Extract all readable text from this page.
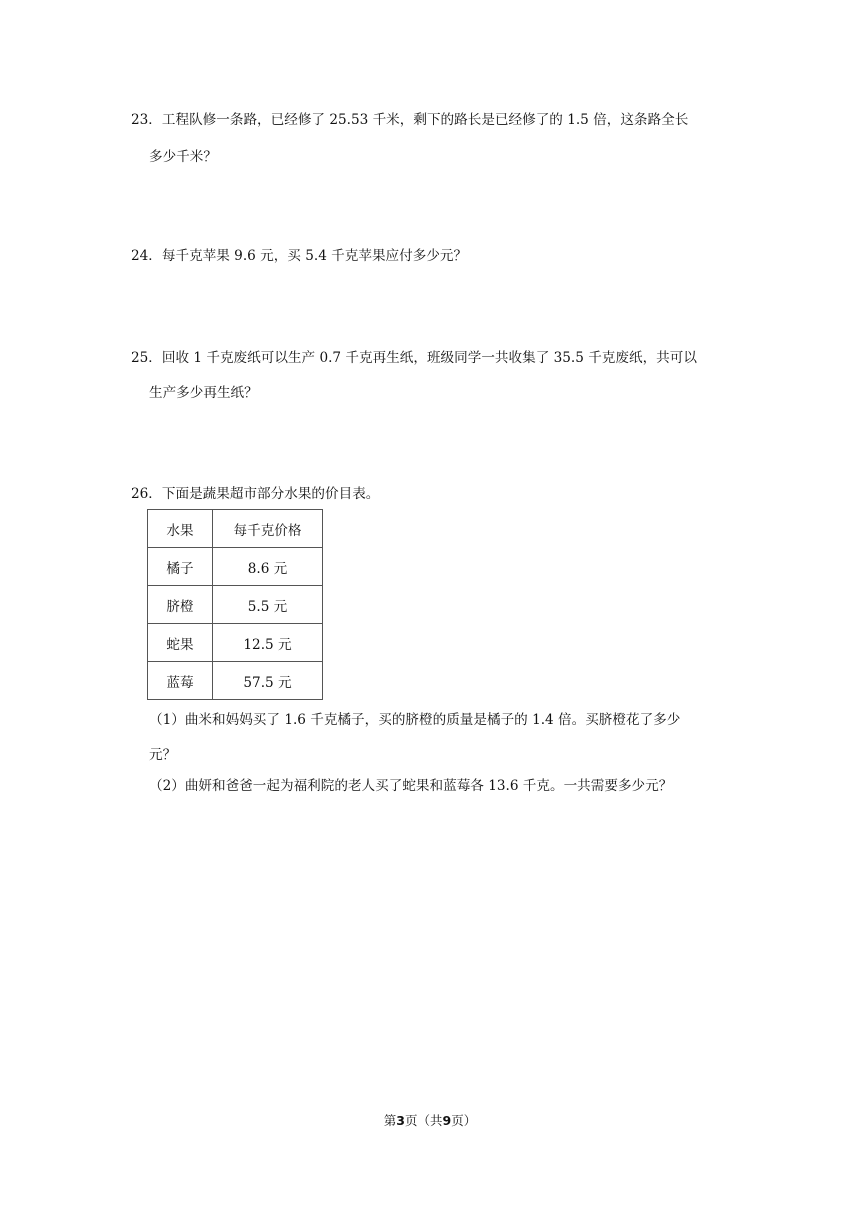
23．工程队修一条路，已经修了 25.53 千米，剩下的路长是已经修了的 1.5 倍，这条路全长
多少千米？
24．每千克苹果 9.6 元，买 5.4 千克苹果应付多少元？
25．回收 1 千克废纸可以生产 0.7 千克再生纸，班级同学一共收集了 35.5 千克废纸，共可以
生产多少再生纸？
26．下面是蔬果超市部分水果的价目表。
水果	每千克价格
橘子	8.6 元
脐橙	5.5 元
蛇果	12.5 元
蓝莓	57.5 元
（1）曲米和妈妈买了 1.6 千克橘子，买的脐橙的质量是橘子的 1.4 倍。买脐橙花了多少
元？
（2）曲妍和爸爸一起为福利院的老人买了蛇果和蓝莓各 13.6 千克。一共需要多少元？
第3页（共9页）
